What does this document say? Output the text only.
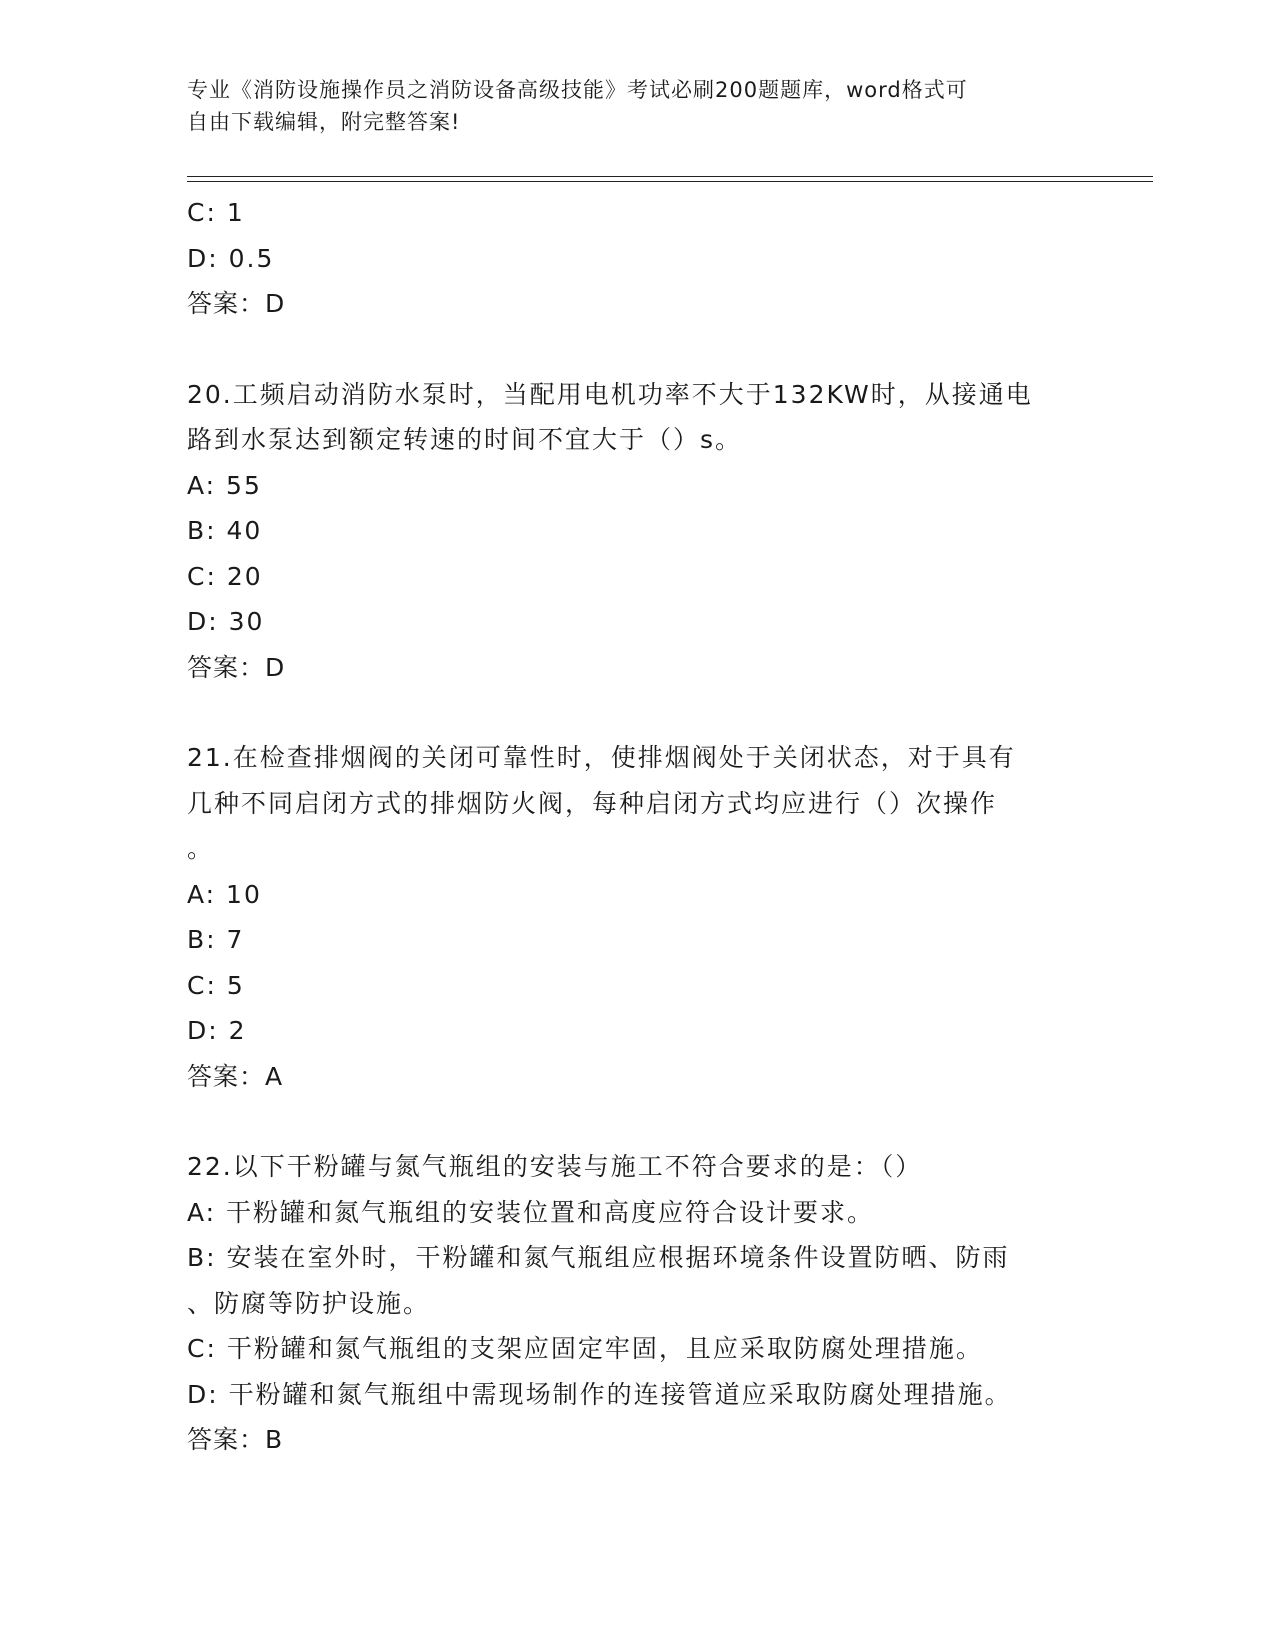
专业《消防设施操作员之消防设备高级技能》考试必刷200题题库，word格式可
自由下载编辑，附完整答案!
C: 1
D: 0.5
答案：D
20.工频启动消防水泵时，当配用电机功率不大于132KW时，从接通电
路到水泵达到额定转速的时间不宜大于（）s。
A: 55
B: 40
C: 20
D: 30
答案：D
21.在检查排烟阀的关闭可靠性时，使排烟阀处于关闭状态，对于具有
几种不同启闭方式的排烟防火阀，每种启闭方式均应进行（）次操作
。
A: 10
B: 7
C: 5
D: 2
答案：A
22.以下干粉罐与氮气瓶组的安装与施工不符合要求的是：（）
A: 干粉罐和氮气瓶组的安装位置和高度应符合设计要求。
B: 安装在室外时，干粉罐和氮气瓶组应根据环境条件设置防晒、防雨
、防腐等防护设施。
C: 干粉罐和氮气瓶组的支架应固定牢固，且应采取防腐处理措施。
D: 干粉罐和氮气瓶组中需现场制作的连接管道应采取防腐处理措施。
答案：B
